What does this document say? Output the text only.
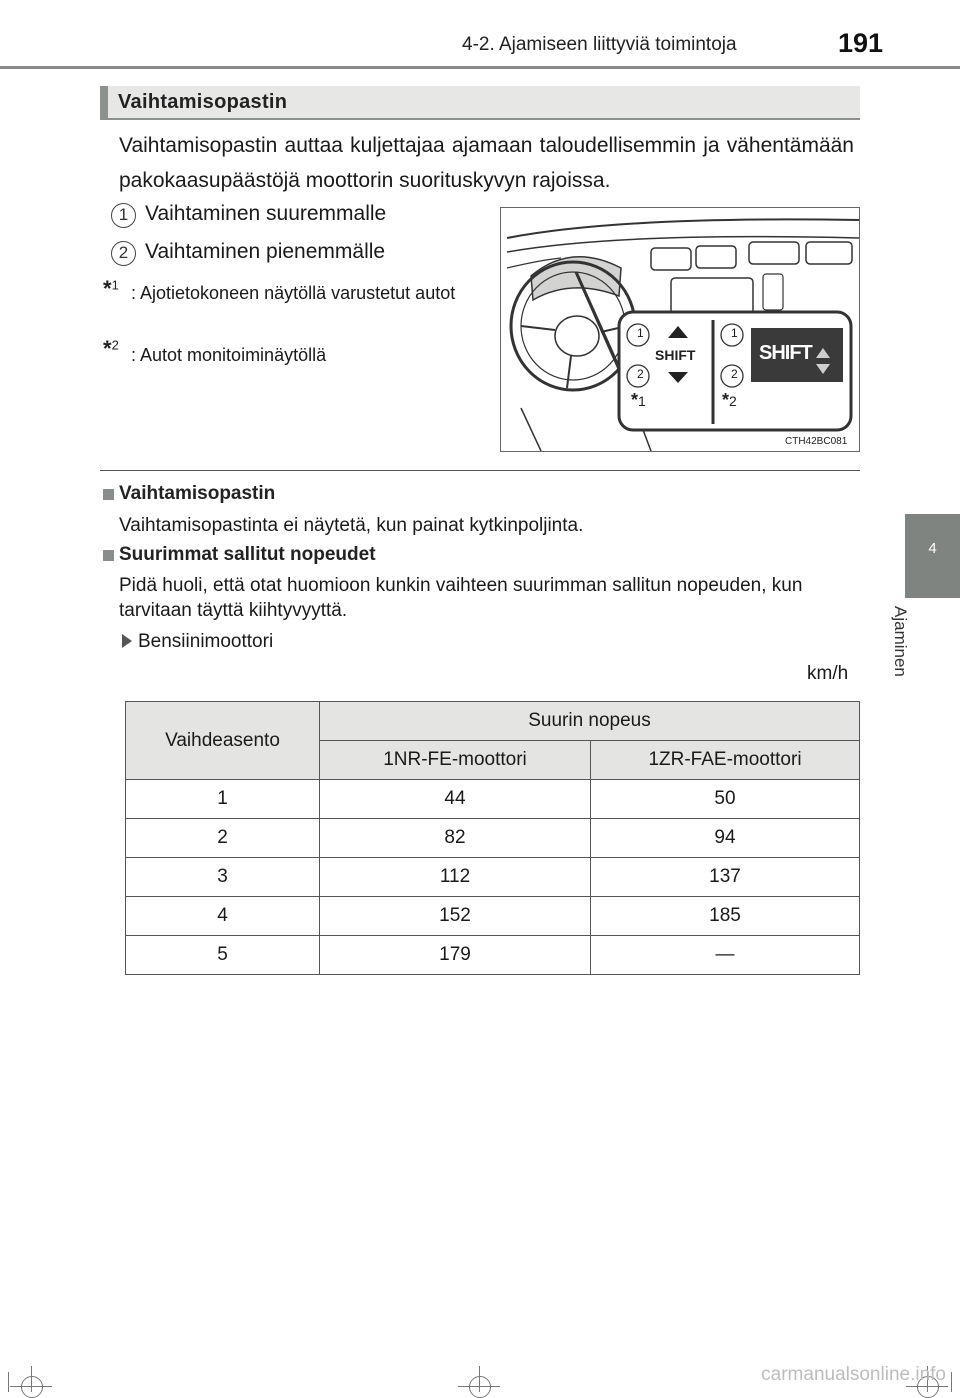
4-2. Ajamiseen liittyviä toimintoja	191
4
Ajaminen
Vaihtamisopastin
Vaihtamisopastin auttaa kuljettajaa ajamaan taloudellisemmin ja vähentämään pakokaasupäästöjä moottorin suorituskyvyn rajoissa.
1 Vaihtaminen suuremmalle
2 Vaihtaminen pienemmälle
*$^1$ : Ajotietokoneen näytöllä varustetut autot
*$^2$ : Autot monitoiminäytöllä
1
2
1
2
SHIFT	SHIFT
*1	*2
CTH42BC081
Vaihtamisopastin
Vaihtamisopastinta ei näytetä, kun painat kytkinpoljinta.
Suurimmat sallitut nopeudet
Pidä huoli, että otat huomioon kunkin vaihteen suurimman sallitun nopeuden, kun tarvitaan täyttä kiihtyvyyttä.
Bensiinimoottori
km/h
Vaihdeasento	Suurin nopeus	
	1NR-FE-moottori	1ZR-FAE-moottori
1	44	50
2	82	94
3	112	137
4	152	185
5	179	—
carmanualsonline.info
